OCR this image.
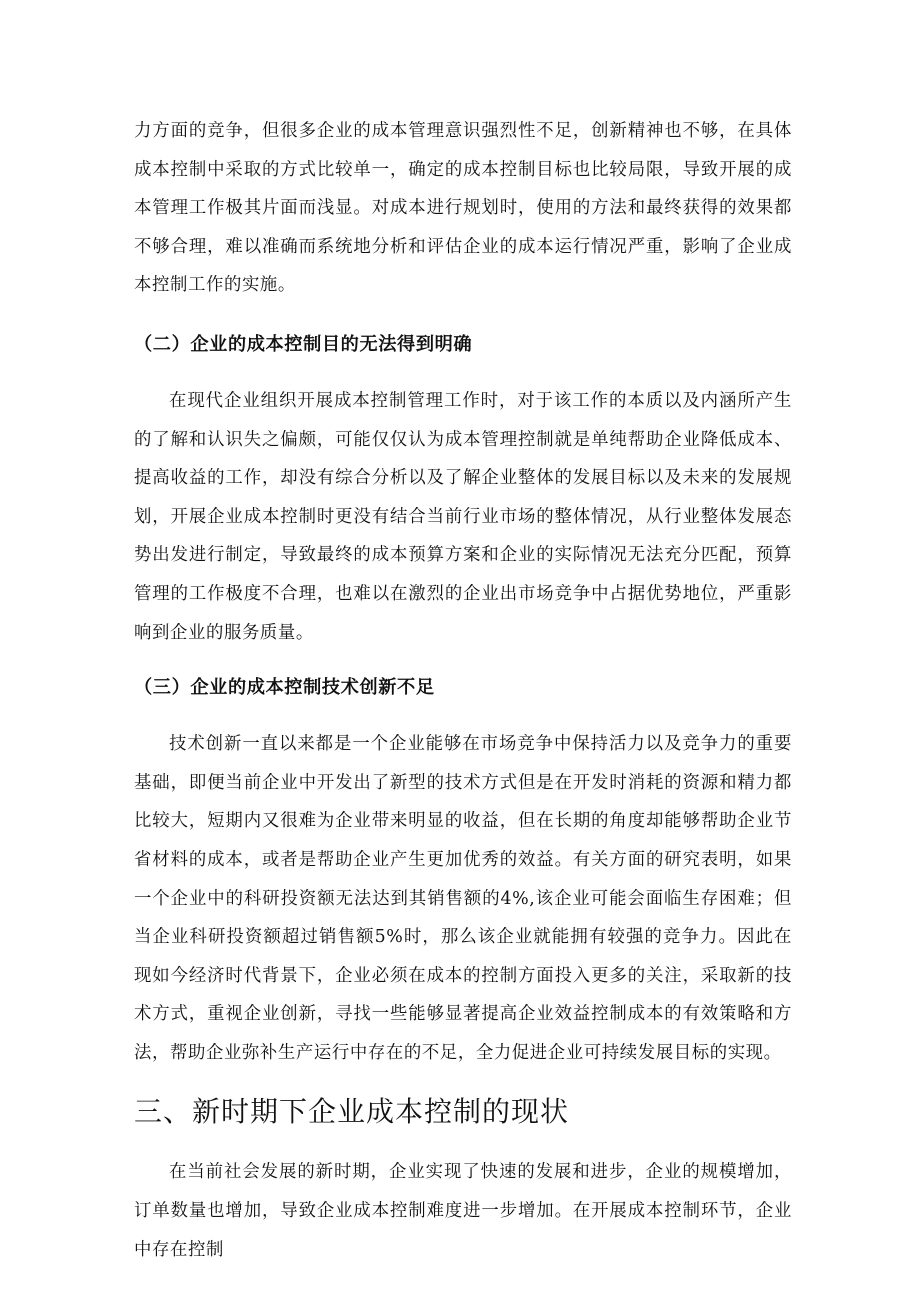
力方面的竞争，但很多企业的成本管理意识强烈性不足，创新精神也不够，在具体成本控制中采取的方式比较单一，确定的成本控制目标也比较局限，导致开展的成本管理工作极其片面而浅显。对成本进行规划时，使用的方法和最终获得的效果都不够合理，难以准确而系统地分析和评估企业的成本运行情况严重，影响了企业成本控制工作的实施。

（二）企业的成本控制目的无法得到明确

在现代企业组织开展成本控制管理工作时，对于该工作的本质以及内涵所产生的了解和认识失之偏颇，可能仅仅认为成本管理控制就是单纯帮助企业降低成本、提高收益的工作，却没有综合分析以及了解企业整体的发展目标以及未来的发展规划，开展企业成本控制时更没有结合当前行业市场的整体情况，从行业整体发展态势出发进行制定，导致最终的成本预算方案和企业的实际情况无法充分匹配，预算管理的工作极度不合理，也难以在激烈的企业出市场竞争中占据优势地位，严重影响到企业的服务质量。

（三）企业的成本控制技术创新不足

技术创新一直以来都是一个企业能够在市场竞争中保持活力以及竞争力的重要基础，即便当前企业中开发出了新型的技术方式但是在开发时消耗的资源和精力都比较大，短期内又很难为企业带来明显的收益，但在长期的角度却能够帮助企业节省材料的成本，或者是帮助企业产生更加优秀的效益。有关方面的研究表明，如果一个企业中的科研投资额无法达到其销售额的4%,该企业可能会面临生存困难；但当企业科研投资额超过销售额5%时，那么该企业就能拥有较强的竞争力。因此在现如今经济时代背景下，企业必须在成本的控制方面投入更多的关注，采取新的技术方式，重视企业创新，寻找一些能够显著提高企业效益控制成本的有效策略和方法，帮助企业弥补生产运行中存在的不足，全力促进企业可持续发展目标的实现。

三、新时期下企业成本控制的现状

在当前社会发展的新时期，企业实现了快速的发展和进步，企业的规模增加，订单数量也增加，导致企业成本控制难度进一步增加。在开展成本控制环节，企业中存在控制
